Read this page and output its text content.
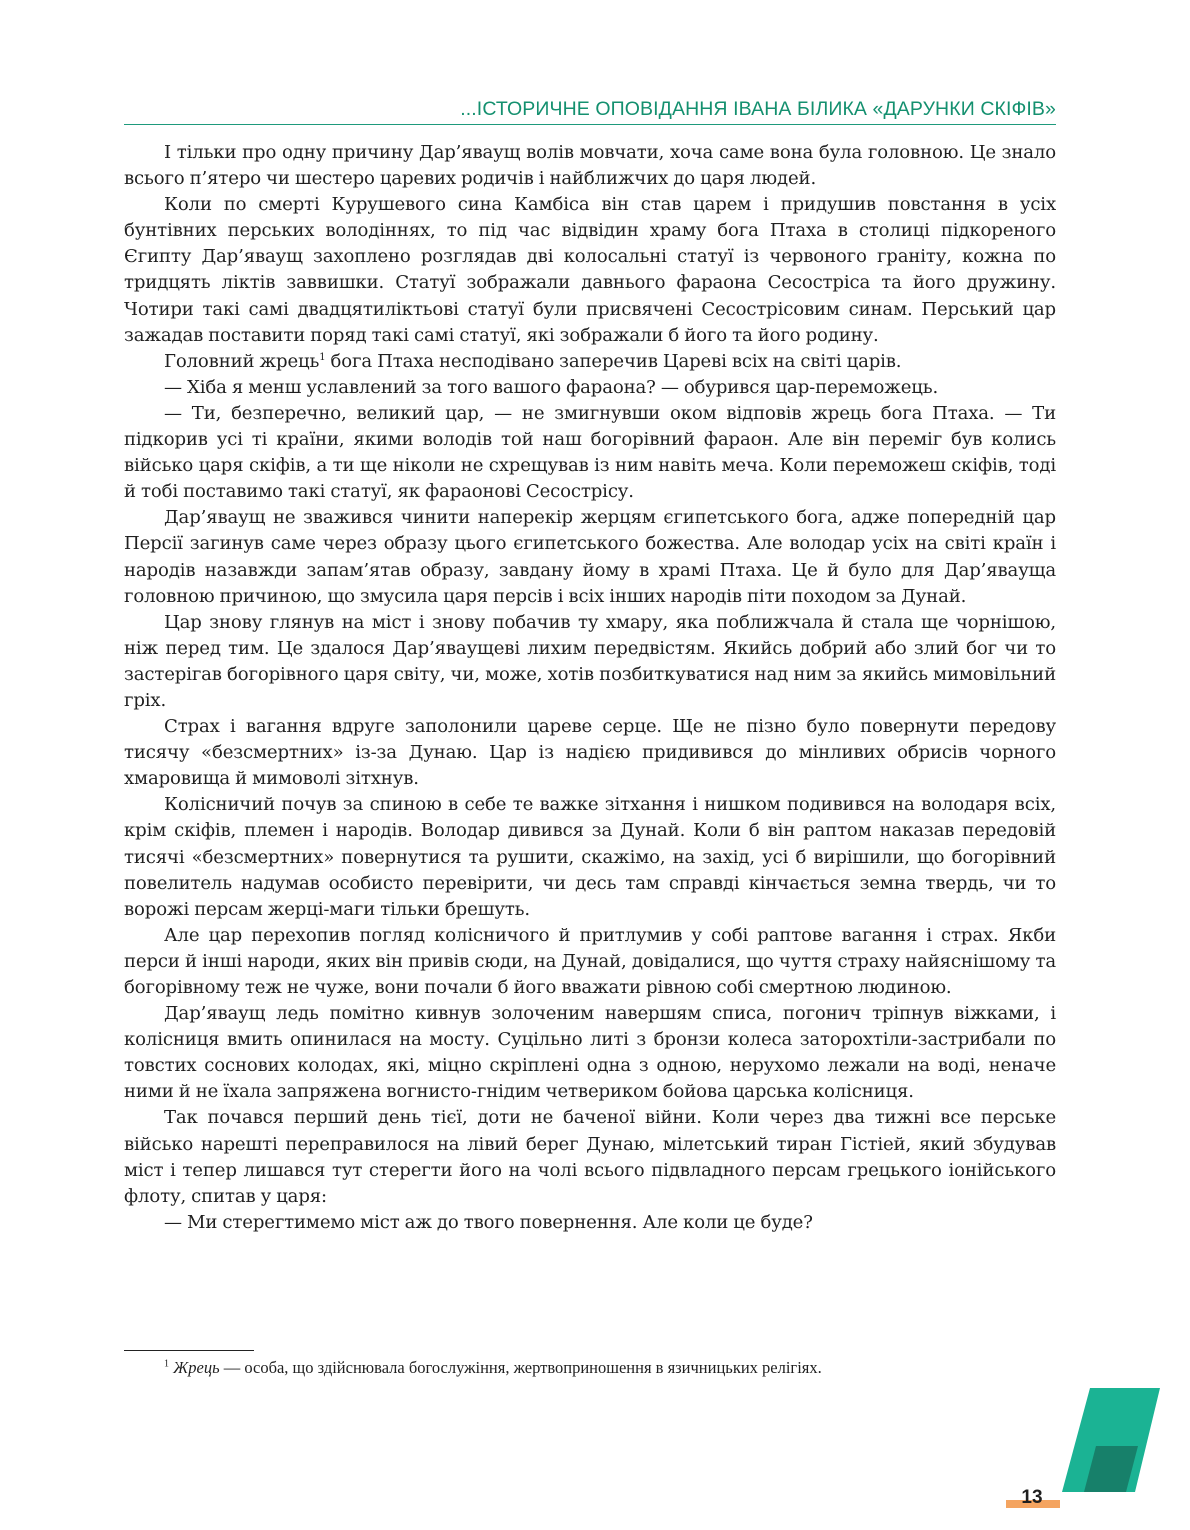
...ІСТОРИЧНЕ ОПОВІДАННЯ ІВАНА БІЛИКА «ДАРУНКИ СКІФІВ»

І тільки про одну причину Дар’яваущ волів мовчати, хоча саме вона була головною. Це знало всього п’ятеро чи шестеро царевих родичів і найближчих до царя людей.

Коли по смерті Курушевого сина Камбіса він став царем і придушив повстання в усіх бунтівних перських володіннях, то під час відвідин храму бога Птаха в столиці підкореного Єгипту Дар’яваущ захоплено розглядав дві колосальні статуї із червоного граніту, кожна по тридцять ліктів заввишки. Статуї зображали давнього фараона Сесостріса та його дружину. Чотири такі самі двадцятиліктьові статуї були присвячені Сесострісовим синам. Перський цар зажадав поставити поряд такі самі статуї, які зображали б його та його родину.

Головний жрець$^1$ бога Птаха несподівано заперечив Цареві всіх на світі царів.

— Хіба я менш уславлений за того вашого фараона? — обурився цар-переможець.

— Ти, безперечно, великий цар, — не змигнувши оком відповів жрець бога Птаха. — Ти підкорив усі ті країни, якими володів той наш богорівний фараон. Але він переміг був колись військо царя скіфів, а ти ще ніколи не схрещував із ним навіть меча. Коли переможеш скіфів, тоді й тобі поставимо такі статуї, як фараонові Сесострісу.

Дар’яваущ не зважився чинити наперекір жерцям єгипетського бога, адже попередній цар Персії загинув саме через образу цього єгипетського божества. Але володар усіх на світі країн і народів назавжди запам’ятав образу, завдану йому в храмі Птаха. Це й було для Дар’яваущa головною причиною, що змусила царя персів і всіх інших народів піти походом за Дунай.

Цар знову глянув на міст і знову побачив ту хмару, яка поближчала й стала ще чорнішою, ніж перед тим. Це здалося Дар’яваущеві лихим передвістям. Якийсь добрий або злий бог чи то застерігав богорівного царя світу, чи, може, хотів позбиткуватися над ним за якийсь мимовільний гріх.

Страх і вагання вдруге заполонили цареве серце. Ще не пізно було повернути передову тисячу «безсмертних» із-за Дунаю. Цар із надією придивився до мінливих обрисів чорного хмаровища й мимоволі зітхнув.

Колісничий почув за спиною в себе те важке зітхання і нишком подивився на володаря всіх, крім скіфів, племен і народів. Володар дивився за Дунай. Коли б він раптом наказав передовій тисячі «безсмертних» повернутися та рушити, скажімо, на захід, усі б вирішили, що богорівний повелитель надумав особисто перевірити, чи десь там справді кінчається земна твердь, чи то ворожі персам жерці-маги тільки брешуть.

Але цар перехопив погляд колісничого й притлумив у собі раптове вагання і страх. Якби перси й інші народи, яких він привів сюди, на Дунай, довідалися, що чуття страху найяснішому та богорівному теж не чуже, вони почали б його вважати рівною собі смертною людиною.

Дар’яваущ ледь помітно кивнув золоченим навершям списа, погонич тріпнув віжками, і колісниця вмить опинилася на мосту. Суцільно литі з бронзи колеса заторохтіли-застрибали по товстих соснових колодах, які, міцно скріплені одна з одною, нерухомо лежали на воді, неначе ними й не їхала запряжена вогнисто-гнідим четвериком бойова царська колісниця.

Так почався перший день тієї, доти не баченої війни. Коли через два тижні все перське військо нарешті переправилося на лівий берег Дунаю, мілетський тиран Гістіей, який збудував міст і тепер лишався тут стерегти його на чолі всього підвладного персам грецького іонійського флоту, спитав у царя:

— Ми стерегтимемо міст аж до твого повернення. Але коли це буде?

$^1$ Жрець — особа, що здійснювала богослужіння, жертвоприношення в язичницьких релігіях.
13
